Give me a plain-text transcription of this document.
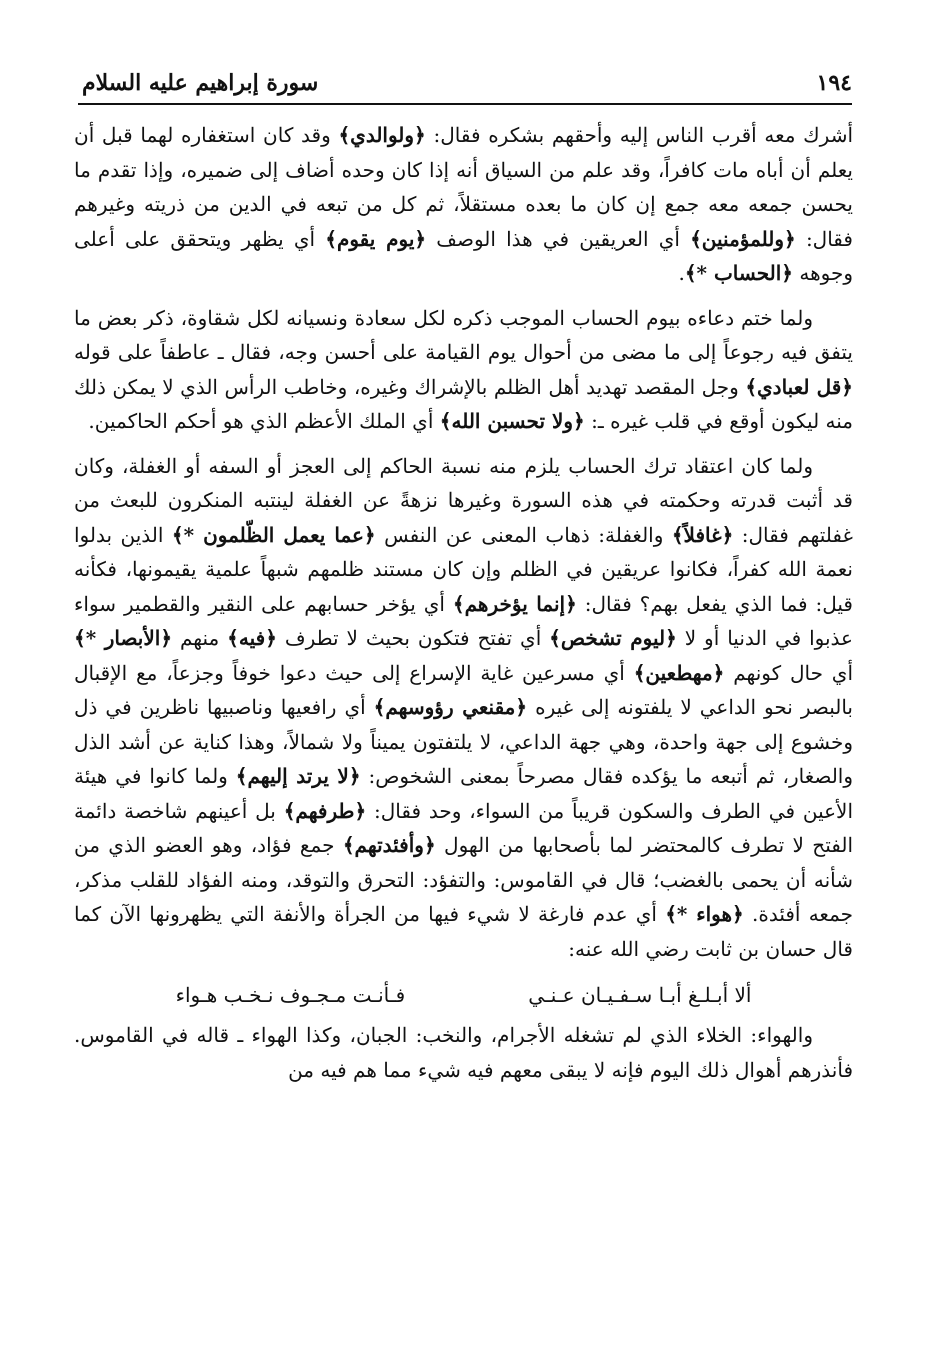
١٩٤
سورة إبراهيم عليه السلام

أشرك معه أقرب الناس إليه وأحقهم بشكره فقال: ﴿ولوالدي﴾ وقد كان استغفاره لهما قبل أن يعلم أن أباه مات كافراً، وقد علم من السياق أنه إذا كان وحده أضاف إلى ضميره، وإذا تقدم ما يحسن جمعه معه جمع إن كان ما بعده مستقلاً، ثم كل من تبعه في الدين من ذريته وغيرهم فقال: ﴿وللمؤمنين﴾ أي العريقين في هذا الوصف ﴿يوم يقوم﴾ أي يظهر ويتحقق على أعلى وجوهه ﴿الحساب *﴾.

ولما ختم دعاءه بيوم الحساب الموجب ذكره لكل سعادة ونسيانه لكل شقاوة، ذكر بعض ما يتفق فيه رجوعاً إلى ما مضى من أحوال يوم القيامة على أحسن وجه، فقال ـ عاطفاً على قوله ﴿قل لعبادي﴾ وجل المقصد تهديد أهل الظلم بالإشراك وغيره، وخاطب الرأس الذي لا يمكن ذلك منه ليكون أوقع في قلب غيره ـ: ﴿ولا تحسبن الله﴾ أي الملك الأعظم الذي هو أحكم الحاكمين.

ولما كان اعتقاد ترك الحساب يلزم منه نسبة الحاكم إلى العجز أو السفه أو الغفلة، وكان قد أثبت قدرته وحكمته في هذه السورة وغيرها نزهةً عن الغفلة لينتبه المنكرون للبعث من غفلتهم فقال: ﴿غافلاً﴾ والغفلة: ذهاب المعنى عن النفس ﴿عما يعمل الظّلمون *﴾ الذين بدلوا نعمة الله كفراً، فكانوا عريقين في الظلم وإن كان مستند ظلمهم شبهاً علمية يقيمونها، فكأنه قيل: فما الذي يفعل بهم؟ فقال: ﴿إنما يؤخرهم﴾ أي يؤخر حسابهم على النقير والقطمير سواء عذبوا في الدنيا أو لا ﴿ليوم تشخص﴾ أي تفتح فتكون بحيث لا تطرف ﴿فيه﴾ منهم ﴿الأبصار *﴾ أي حال كونهم ﴿مهطعين﴾ أي مسرعين غاية الإسراع إلى حيث دعوا خوفاً وجزعاً، مع الإقبال بالبصر نحو الداعي لا يلفتونه إلى غيره ﴿مقنعي رؤوسهم﴾ أي رافعيها وناصبيها ناظرين في ذل وخشوع إلى جهة واحدة، وهي جهة الداعي، لا يلتفتون يميناً ولا شمالاً، وهذا كناية عن أشد الذل والصغار، ثم أتبعه ما يؤكده فقال مصرحاً بمعنى الشخوص: ﴿لا يرتد إليهم﴾ ولما كانوا في هيئة الأعين في الطرف والسكون قريباً من السواء، وحد فقال: ﴿طرفهم﴾ بل أعينهم شاخصة دائمة الفتح لا تطرف كالمحتضر لما بأصحابها من الهول ﴿وأفئدتهم﴾ جمع فؤاد، وهو العضو الذي من شأنه أن يحمى بالغضب؛ قال في القاموس: والتفؤد: التحرق والتوقد، ومنه الفؤاد للقلب مذكر، جمعه أفئدة. ﴿هواء *﴾ أي عدم فارغة لا شيء فيها من الجرأة والأنفة التي يظهرونها الآن كما قال حسان بن ثابت رضي الله عنه:

ألا أبـلـغ أبـا سـفـيـان عـنـي
فـأنـت مـجـوف نـخـب هـواء

والهواء: الخلاء الذي لم تشغله الأجرام، والنخب: الجبان، وكذا الهواء ـ قاله في القاموس. فأنذرهم أهوال ذلك اليوم فإنه لا يبقى معهم فيه شيء مما هم فيه من
